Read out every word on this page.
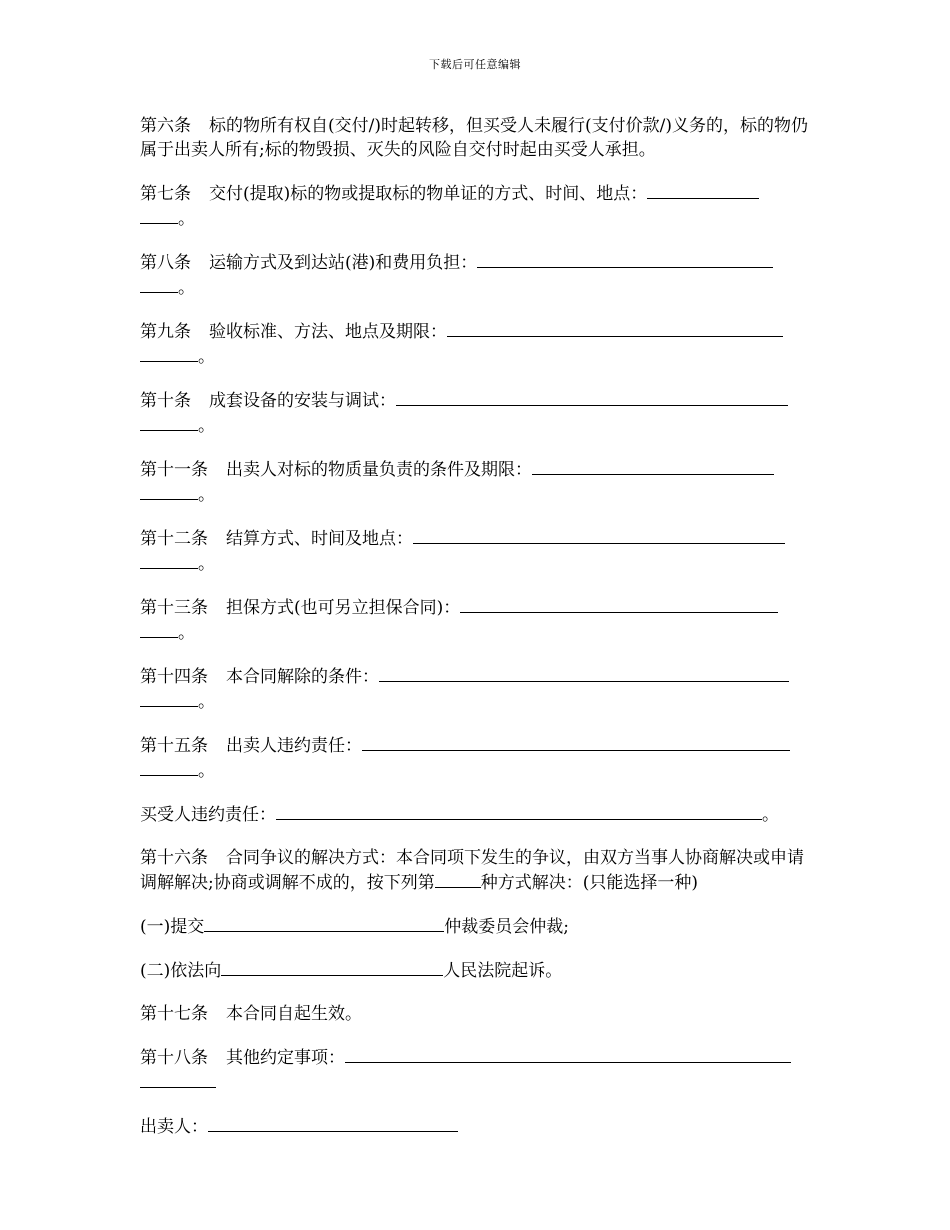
下载后可任意编辑

第六条 标的物所有权自(交付/)时起转移，但买受人未履行(支付价款/)义务的，标的物仍属于出卖人所有;标的物毁损、灭失的风险自交付时起由买受人承担。

第七条 交付(提取)标的物或提取标的物单证的方式、时间、地点：
。

第八条 运输方式及到达站(港)和费用负担：
。

第九条 验收标准、方法、地点及期限：
。

第十条 成套设备的安装与调试：
。

第十一条 出卖人对标的物质量负责的条件及期限：
。

第十二条 结算方式、时间及地点：
。

第十三条 担保方式(也可另立担保合同)：
。

第十四条 本合同解除的条件：
。

第十五条 出卖人违约责任：
。

买受人违约责任：	。

第十六条 合同争议的解决方式：本合同项下发生的争议，由双方当事人协商解决或申请调解解决;协商或调解不成的，按下列第	种方式解决：(只能选择一种)

(一)提交	仲裁委员会仲裁;

(二)依法向	人民法院起诉。

第十七条 本合同自起生效。

第十八条 其他约定事项：

出卖人：
